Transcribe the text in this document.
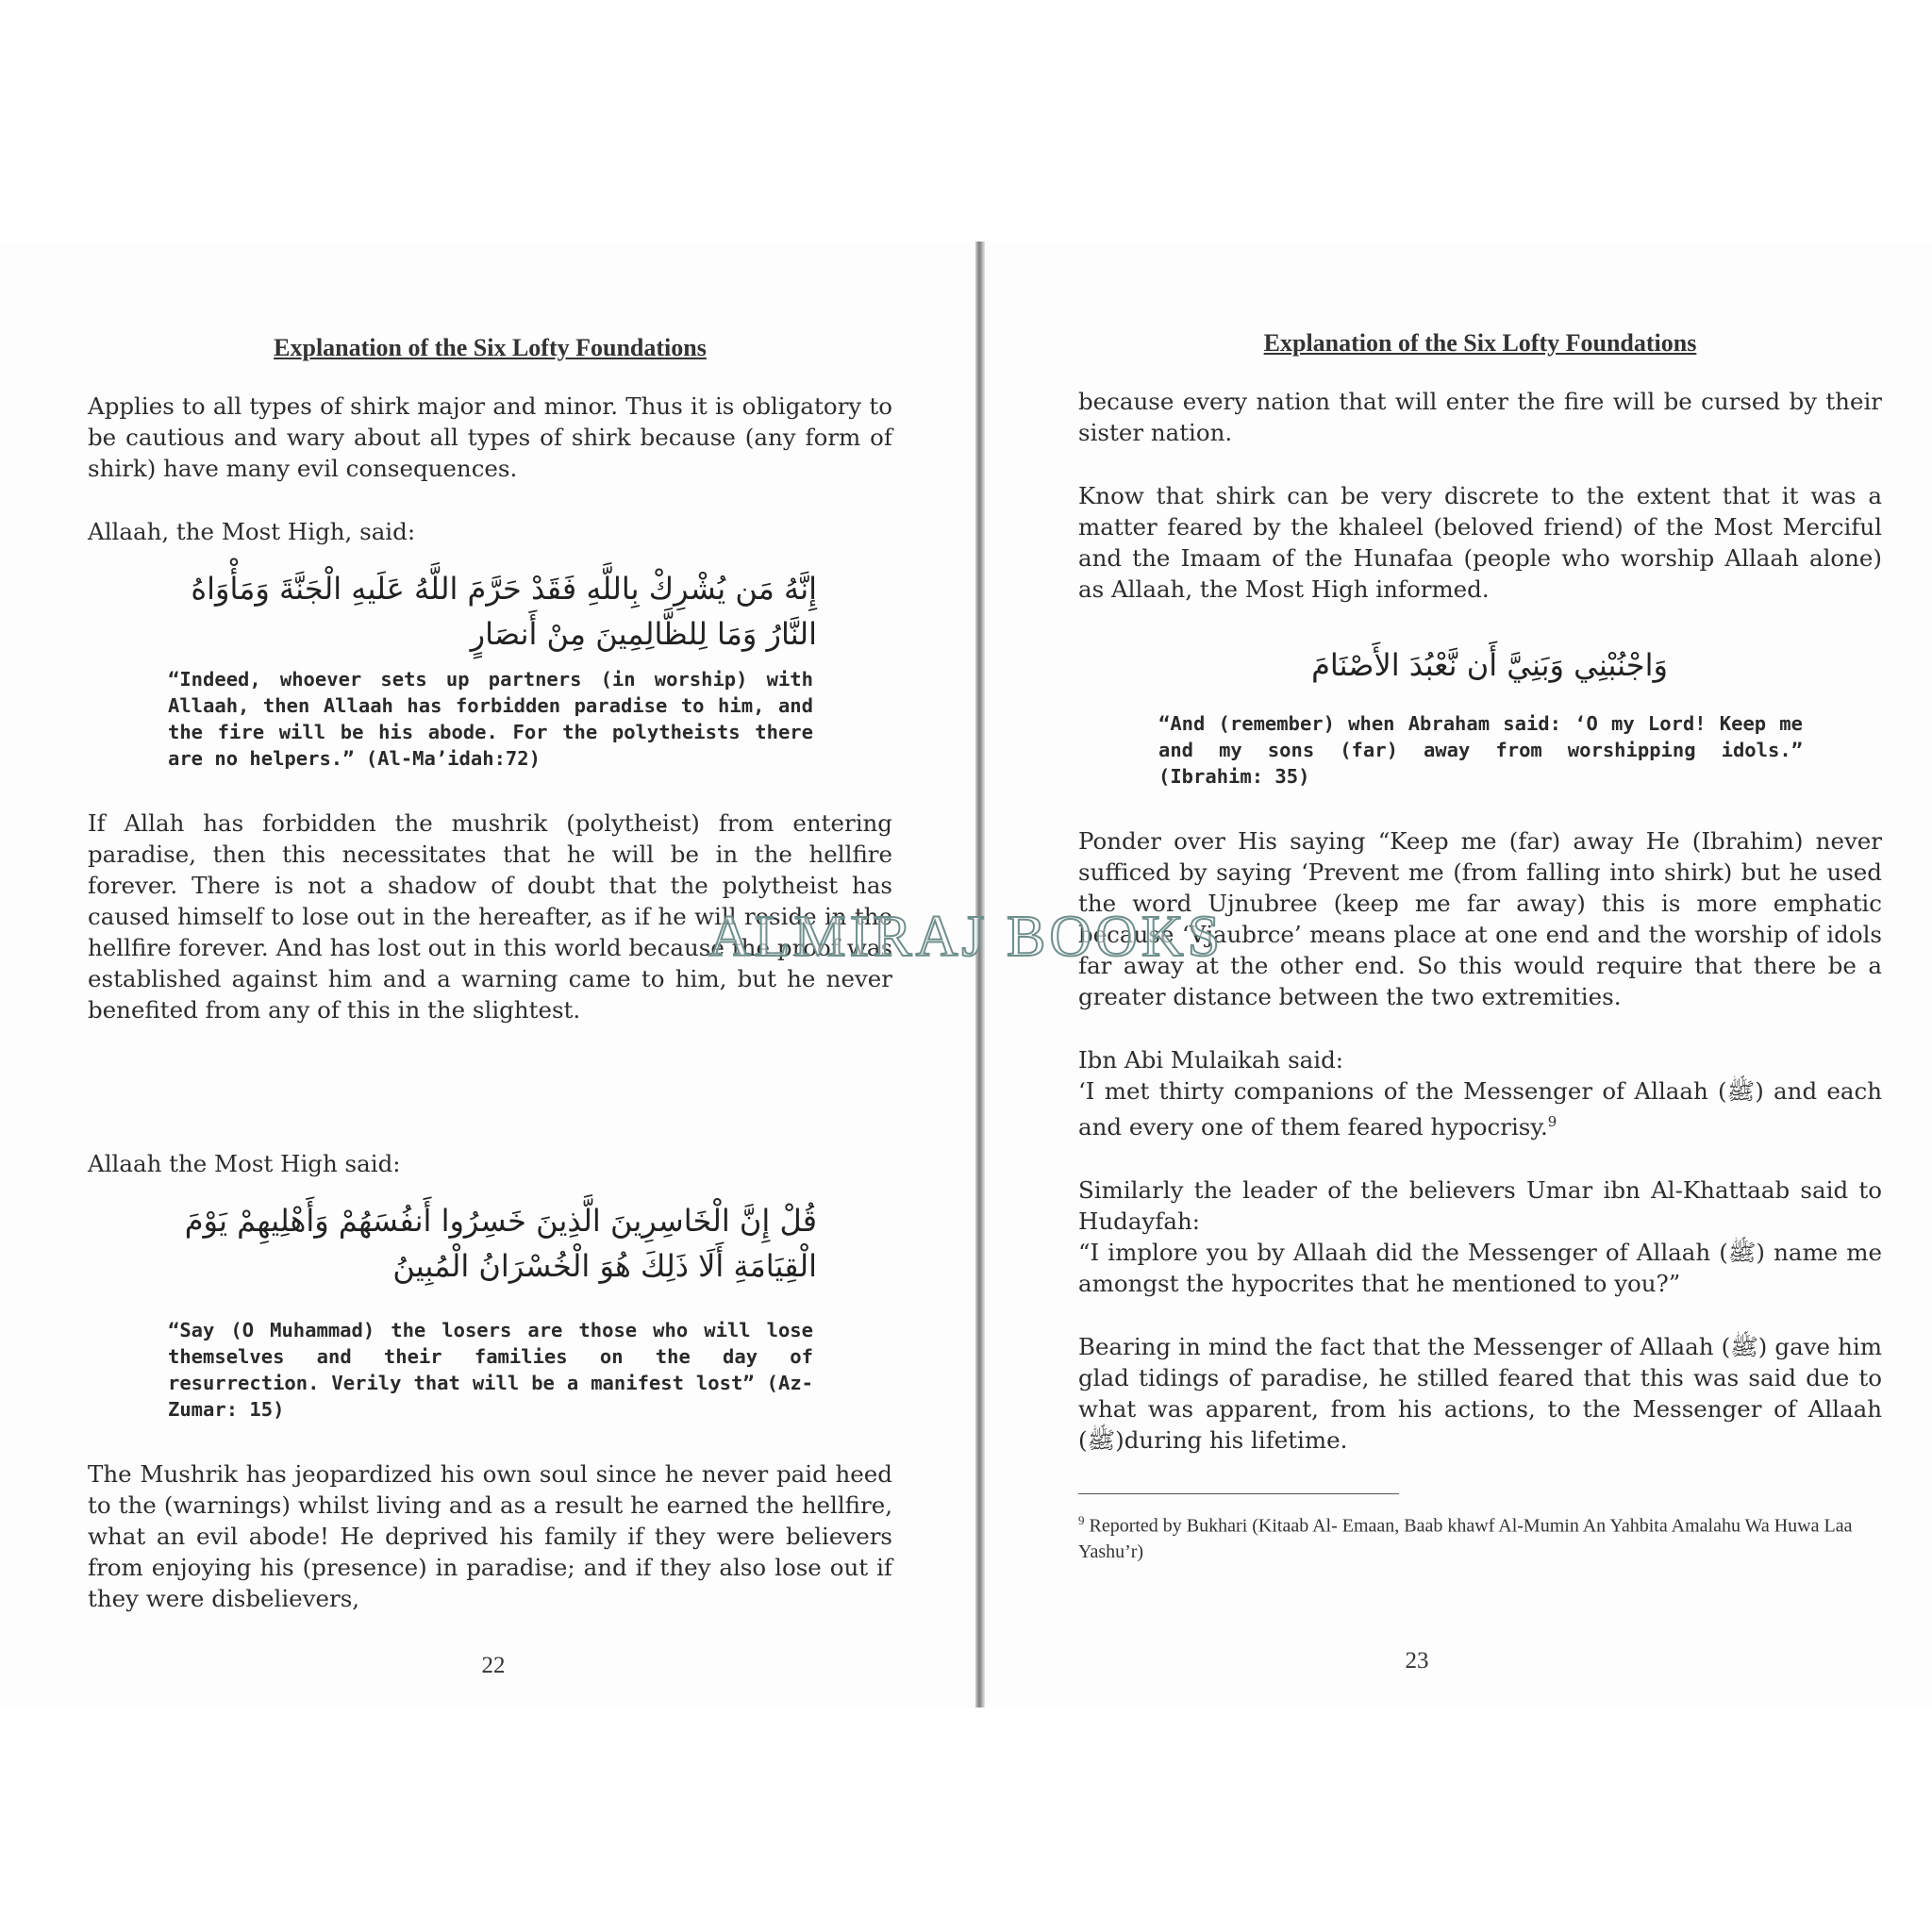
Explanation of the Six Lofty Foundations

Applies to all types of shirk major and minor. Thus it is obligatory to be cautious and wary about all types of shirk because (any form of shirk) have many evil consequences.

Allaah, the Most High, said:

إِنَّهُ مَن يُشْرِكْ بِاللَّهِ فَقَدْ حَرَّمَ اللَّهُ عَلَيهِ الْجَنَّةَ وَمَأْوَاهُ النَّارُ وَمَا لِلظَّالِمِينَ مِنْ أَنصَارٍ
“Indeed, whoever sets up partners (in worship) with Allaah, then Allaah has forbidden paradise to him, and the fire will be his abode. For the polytheists there are no helpers.” (Al-Ma’idah:72)

If Allah has forbidden the mushrik (polytheist) from entering paradise, then this necessitates that he will be in the hellfire forever. There is not a shadow of doubt that the polytheist has caused himself to lose out in the hereafter, as if he will reside in the hellfire forever. And has lost out in this world because the proof was established against him and a warning came to him, but he never benefited from any of this in the slightest.

Allaah the Most High said:

قُلْ إِنَّ الْخَاسِرِينَ الَّذِينَ خَسِرُوا أَنفُسَهُمْ وَأَهْلِيهِمْ يَوْمَ الْقِيَامَةِ أَلَا ذَلِكَ هُوَ الْخُسْرَانُ الْمُبِينُ
“Say (O Muhammad) the losers are those who will lose themselves and their families on the day of resurrection. Verily that will be a manifest lost” (Az-Zumar: 15)

The Mushrik has jeopardized his own soul since he never paid heed to the (warnings) whilst living and as a result he earned the hellfire, what an evil abode! He deprived his family if they were believers from enjoying his (presence) in paradise; and if they also lose out if they were disbelievers,

22
Explanation of the Six Lofty Foundations

because every nation that will enter the fire will be cursed by their sister nation.

Know that shirk can be very discrete to the extent that it was a matter feared by the khaleel (beloved friend) of the Most Merciful and the Imaam of the Hunafaa (people who worship Allaah alone) as Allaah, the Most High informed.

وَاجْنُبْنِي وَبَنِيَّ أَن نَّعْبُدَ الأَصْنَامَ
“And (remember) when Abraham said: ‘O my Lord! Keep me and my sons (far) away from worshipping idols.” (Ibrahim: 35)

Ponder over His saying “Keep me (far) away He (Ibrahim) never sufficed by saying ‘Prevent me (from falling into shirk) but he used the word Ujnubree (keep me far away) this is more emphatic because ‘Vjaubrce’ means place at one end and the worship of idols far away at the other end. So this would require that there be a greater distance between the two extremities.

Ibn Abi Mulaikah said:
‘I met thirty companions of the Messenger of Allaah (ﷺ) and each and every one of them feared hypocrisy.$^9$

Similarly the leader of the believers Umar ibn Al-Khattaab said to Hudayfah:
“I implore you by Allaah did the Messenger of Allaah (ﷺ) name me amongst the hypocrites that he mentioned to you?”

Bearing in mind the fact that the Messenger of Allaah (ﷺ) gave him glad tidings of paradise, he stilled feared that this was said due to what was apparent, from his actions, to the Messenger of Allaah (ﷺ)during his lifetime.

$^9$ Reported by Bukhari (Kitaab Al- Emaan, Baab khawf Al-Mumin An Yahbita Amalahu Wa Huwa Laa Yashu’r)
23
ALMIRAJ BOOKS
